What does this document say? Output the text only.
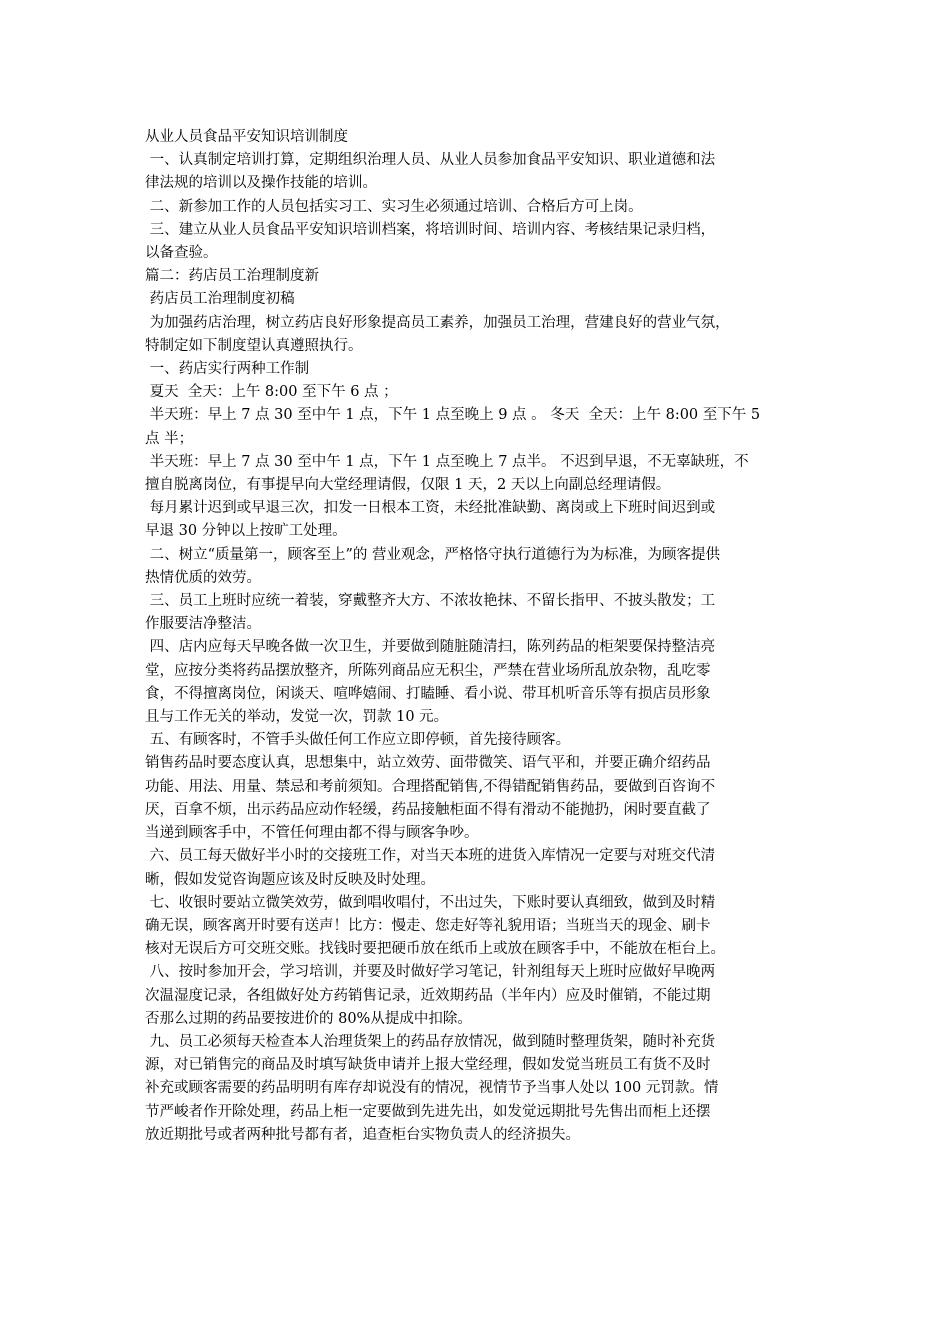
从业人员食品平安知识培训制度
一、认真制定培训打算，定期组织治理人员、从业人员参加食品平安知识、职业道德和法
律法规的培训以及操作技能的培训。
二、新参加工作的人员包括实习工、实习生必须通过培训、合格后方可上岗。
三、建立从业人员食品平安知识培训档案，将培训时间、培训内容、考核结果记录归档，
以备查验。
篇二：药店员工治理制度新
药店员工治理制度初稿
为加强药店治理，树立药店良好形象提高员工素养，加强员工治理，营建良好的营业气氛，
特制定如下制度望认真遵照执行。
一、药店实行两种工作制
夏天  全天：上午 8:00 至下午 6 点 ；
半天班：早上 7 点 30 至中午 1 点，下午 1 点至晚上 9 点 。 冬天  全天：上午 8:00 至下午 5
点 半；
半天班：早上 7 点 30 至中午 1 点，下午 1 点至晚上 7 点半。 不迟到早退，不无辜缺班，不
擅自脱离岗位，有事提早向大堂经理请假，仅限 1 天，2 天以上向副总经理请假。
每月累计迟到或早退三次，扣发一日根本工资，未经批准缺勤、离岗或上下班时间迟到或
早退 30 分钟以上按旷工处理。
二、树立“质量第一，顾客至上”的 营业观念，严格恪守执行道德行为为标准，为顾客提供
热情优质的效劳。
三、员工上班时应统一着装，穿戴整齐大方、不浓妆艳抹、不留长指甲、不披头散发；工
作服要洁净整洁。
四、店内应每天早晚各做一次卫生，并要做到随脏随清扫，陈列药品的柜架要保持整洁亮
堂，应按分类将药品摆放整齐，所陈列商品应无积尘，严禁在营业场所乱放杂物，乱吃零
食，不得擅离岗位，闲谈天、喧哗嬉闹、打瞌睡、看小说、带耳机听音乐等有损店员形象
且与工作无关的举动，发觉一次，罚款 10 元。
五、有顾客时，不管手头做任何工作应立即停顿，首先接待顾客。
销售药品时要态度认真，思想集中，站立效劳、面带微笑、语气平和，并要正确介绍药品
功能、用法、用量、禁忌和考前须知。合理搭配销售,不得错配销售药品，要做到百咨询不
厌，百拿不烦，出示药品应动作轻缓，药品接触柜面不得有滑动不能抛扔，闲时要直截了
当递到顾客手中，不管任何理由都不得与顾客争吵。
六、员工每天做好半小时的交接班工作，对当天本班的进货入库情况一定要与对班交代清
晰，假如发觉咨询题应该及时反映及时处理。
七、收银时要站立微笑效劳，做到唱收唱付，不出过失，下账时要认真细致，做到及时精
确无误，顾客离开时要有送声！比方：慢走、您走好等礼貌用语；当班当天的现金、刷卡
核对无误后方可交班交账。找钱时要把硬币放在纸币上或放在顾客手中，不能放在柜台上。
八、按时参加开会，学习培训，并要及时做好学习笔记，针剂组每天上班时应做好早晚两
次温湿度记录，各组做好处方药销售记录，近效期药品（半年内）应及时催销，不能过期
否那么过期的药品要按进价的 80%从提成中扣除。
九、员工必须每天检查本人治理货架上的药品存放情况，做到随时整理货架，随时补充货
源，对已销售完的商品及时填写缺货申请并上报大堂经理，假如发觉当班员工有货不及时
补充或顾客需要的药品明明有库存却说没有的情况，视情节予当事人处以 100 元罚款。情
节严峻者作开除处理，药品上柜一定要做到先进先出，如发觉远期批号先售出而柜上还摆
放近期批号或者两种批号都有者，追查柜台实物负责人的经济损失。
